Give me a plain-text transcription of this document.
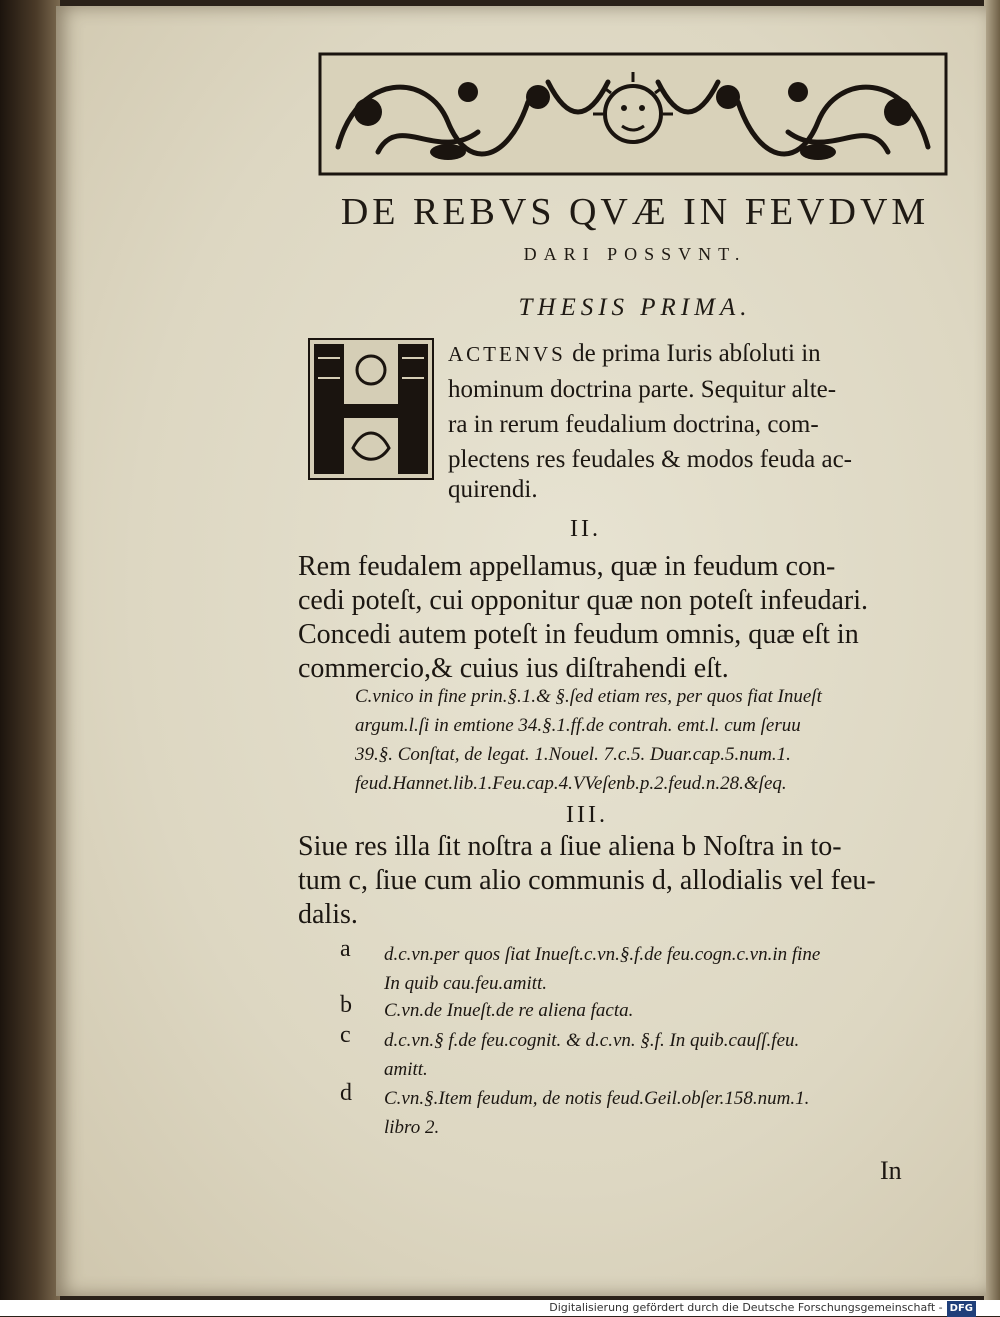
DE REBVS QVÆ IN FEVDVM
DARI POSSVNT.
THESIS PRIMA.
ACTENVS de prima Iuris abſoluti in
hominum doctrina parte. Sequitur alte-
ra in rerum feudalium doctrina, com-
plectens res feudales & modos feuda ac-
quirendi.
II.
Rem feudalem appellamus, quæ in feudum con-
cedi poteſt, cui opponitur quæ non poteſt infeudari.
Concedi autem poteſt in feudum omnis, quæ eſt in
commercio,& cuius ius diſtrahendi eſt.
C.vnico in fine prin.§.1.& §.ſed etiam res, per quos fiat Inueſt
argum.l.ſi in emtione 34.§.1.ff.de contrah. emt.l. cum ſeruu
39.§. Conſtat, de legat. 1.Nouel. 7.c.5. Duar.cap.5.num.1.
feud.Hannet.lib.1.Feu.cap.4.VVeſenb.p.2.feud.n.28.&ſeq.
III.
Siue res illa ſit noſtra a ſiue aliena b Noſtra in to-
tum c, ſiue cum alio communis d, allodialis vel feu-
dalis.
a d.c.vn.per quos ſiat Inueſt.c.vn.§.f.de feu.cogn.c.vn.in fine
In quib cau.feu.amitt.
b C.vn.de Inueſt.de re aliena facta.
c d.c.vn.§ f.de feu.cognit. & d.c.vn. §.f. In quib.cauſſ.feu.
amitt.
d C.vn.§.Item feudum, de notis feud.Geil.obſer.158.num.1.
libro 2.
In
Digitalisierung gefördert durch die Deutsche Forschungsgemeinschaft - DFG
